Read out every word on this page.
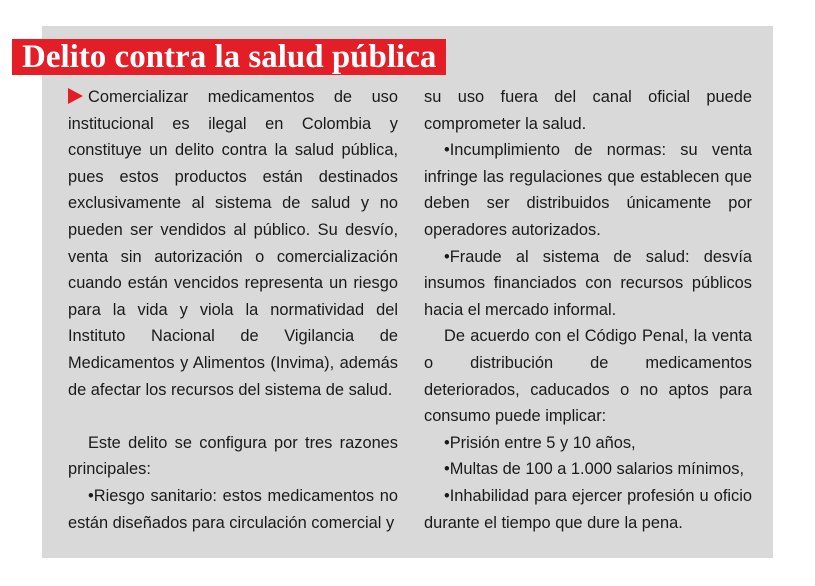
Delito contra la salud pública

Comercializar medicamentos de uso institucional es ilegal en Colombia y constituye un delito contra la salud pública, pues estos productos están destinados exclusivamente al sistema de salud y no pueden ser vendidos al público. Su desvío, venta sin autorización o comercialización cuando están vencidos representa un riesgo para la vida y viola la normatividad del Instituto Nacional de Vigilancia de Medicamentos y Alimentos (Invima), además de afectar los recursos del sistema de salud.

Este delito se configura por tres razones principales:

•Riesgo sanitario: estos medicamentos no están diseñados para circulación comercial y

su uso fuera del canal oficial puede comprometer la salud.

•Incumplimiento de normas: su venta infringe las regulaciones que establecen que deben ser distribuidos únicamente por operadores autorizados.

•Fraude al sistema de salud: desvía insumos financiados con recursos públicos hacia el mercado informal.

De acuerdo con el Código Penal, la venta o distribución de medicamentos deteriorados, caducados o no aptos para consumo puede implicar:

•Prisión entre 5 y 10 años,

•Multas de 100 a 1.000 salarios mínimos,

•Inhabilidad para ejercer profesión u oficio durante el tiempo que dure la pena.
